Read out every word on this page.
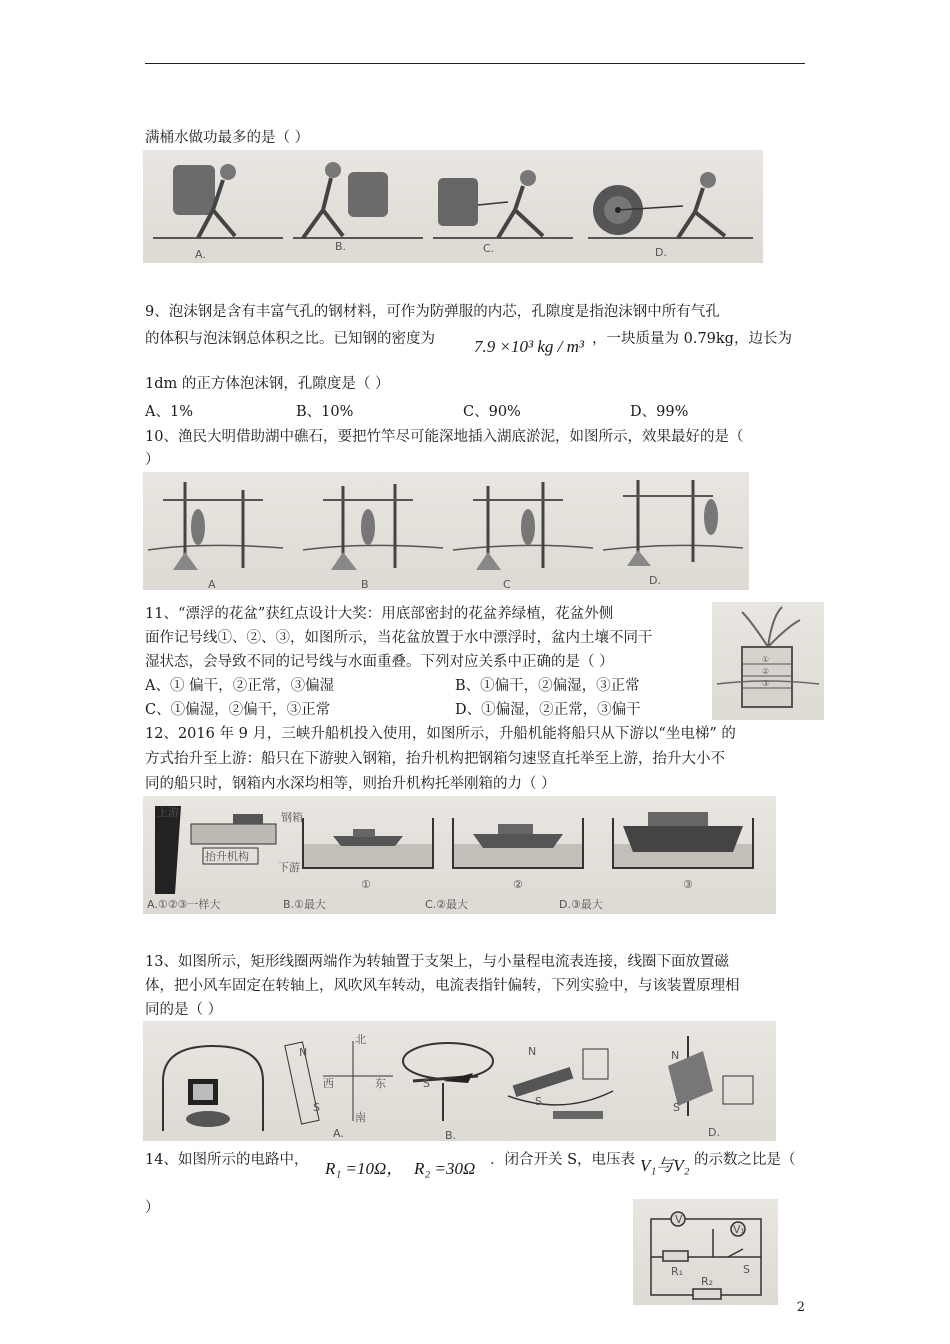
满桶水做功最多的是（ ）
A.
B.	C.	D.
9、泡沫钢是含有丰富气孔的钢材料，可作为防弹服的内芯，孔隙度是指泡沫钢中所有气孔
的体积与泡沫钢总体积之比。已知钢的密度为 7.9 ×10³ kg / m³ ，一块质量为 0.79kg，边长为
1dm 的正方体泡沫钢，孔隙度是（ ）
A、1%	B、10%	C、90%	D、99%
10、渔民大明借助湖中礁石，要把竹竿尽可能深地插入湖底淤泥，如图所示，效果最好的是（
）
A	B	C	D.
11、“漂浮的花盆”获红点设计大奖：用底部密封的花盆养绿植，花盆外侧
面作记号线①、②、③，如图所示，当花盆放置于水中漂浮时，盆内土壤不同干
湿状态，会导致不同的记号线与水面重叠。下列对应关系中正确的是（ ）
A、① 偏干，②正常，③偏湿	B、①偏干，②偏湿，③正常
C、①偏湿，②偏干，③正常	D、①偏湿，②正常，③偏干
①
②
③
12、2016 年 9 月，三峡升船机投入使用，如图所示，升船机能将船只从下游以“坐电梯” 的
方式抬升至上游：船只在下游驶入钢箱，抬升机构把钢箱匀速竖直托举至上游，抬升大小不
同的船只时，钢箱内水深均相等，则抬升机构托举刚箱的力（ ）
上游	钢箱
抬升机构
下游
①	②	③
A.①②③一样大	B.①最大	C.②最大	D.③最大
13、如图所示，矩形线圈两端作为转轴置于支架上，与小量程电流表连接，线圈下面放置磁
体，把小风车固定在转轴上，风吹风车转动，电流表指针偏转，下列实验中，与该装置原理相
同的是（ ）
A.
N
S
北
西	东
南
S
B.
N
S
N
S
D.
14、如图所示的电路中， R₁ =10Ω， R₂ =30Ω ．闭合开关 S，电压表 V₁与V₂ 的示数之比是（
）
V
V₁
R₁
R₂
S
2
